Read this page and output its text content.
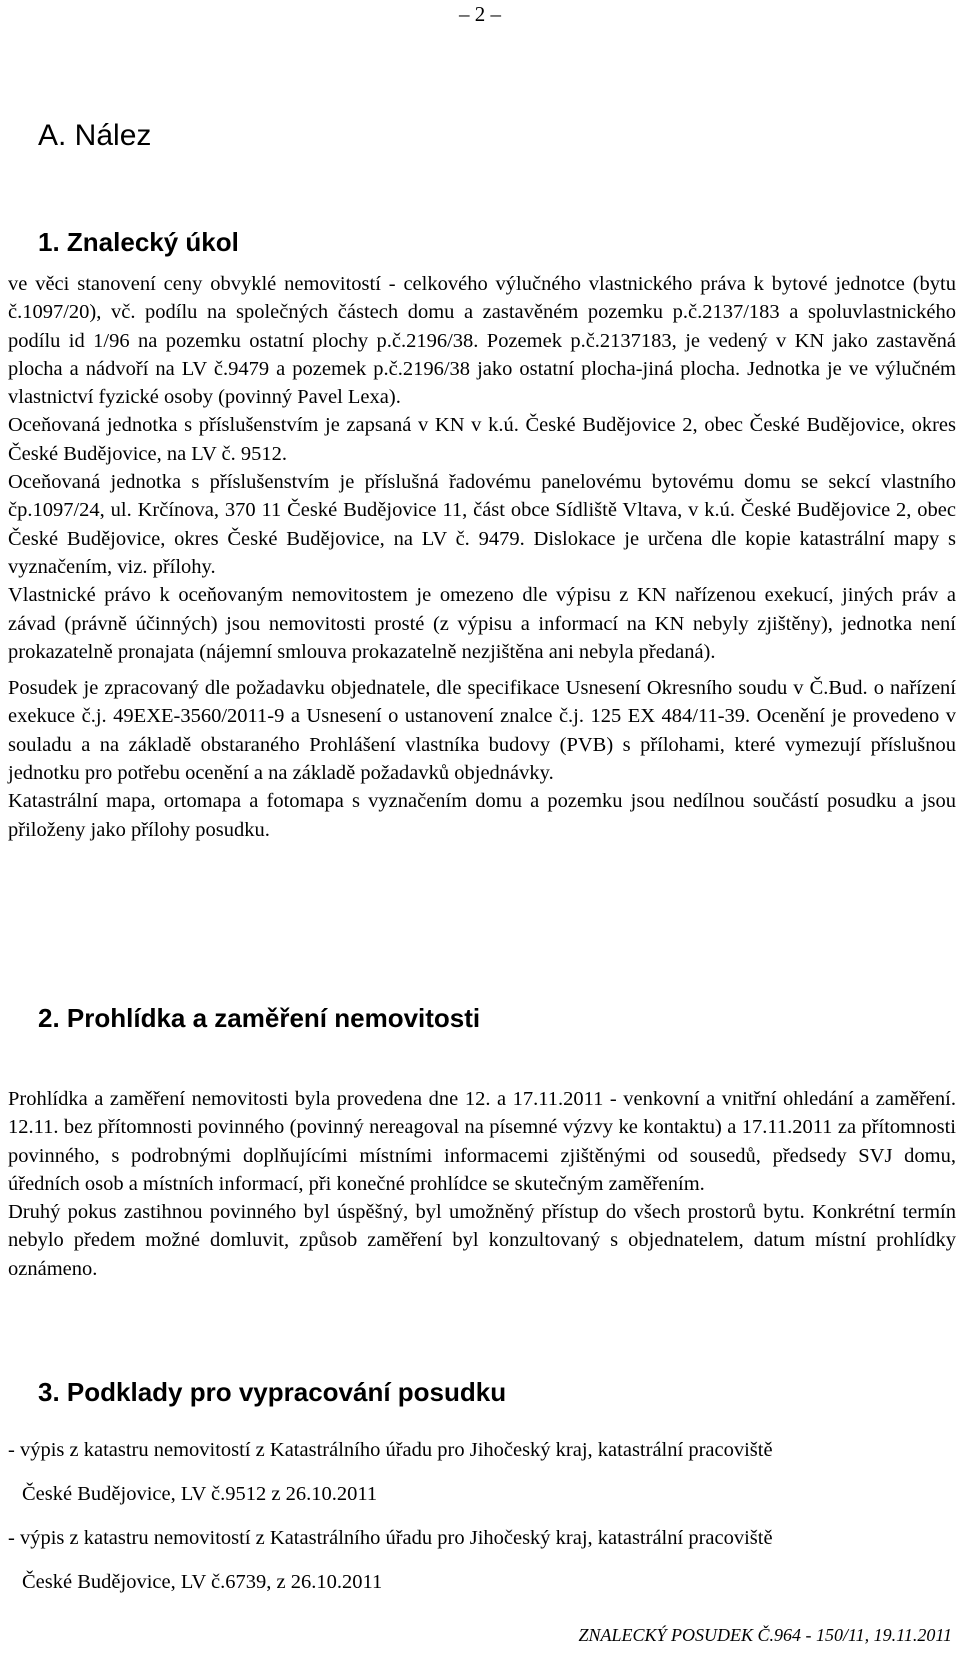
– 2 –
A. Nález
1. Znalecký úkol

ve věci stanovení ceny obvyklé nemovitostí - celkového výlučného vlastnického práva k bytové jednotce (bytu č.1097/20), vč. podílu na společných částech domu a zastavěném pozemku p.č.2137/183 a spoluvlastnického podílu id 1/96 na pozemku ostatní plochy p.č.2196/38. Pozemek p.č.2137183, je vedený v KN jako zastavěná plocha a nádvoří na LV č.9479 a pozemek p.č.2196/38 jako ostatní plocha-jiná plocha. Jednotka je ve výlučném vlastnictví fyzické osoby (povinný Pavel Lexa).

Oceňovaná jednotka s příslušenstvím je zapsaná v KN v k.ú. České Budějovice 2, obec České Budějovice, okres České Budějovice, na LV č. 9512.

Oceňovaná jednotka s příslušenstvím je příslušná řadovému panelovému bytovému domu se sekcí vlastního čp.1097/24, ul. Krčínova, 370 11 České Budějovice 11, část obce Sídliště Vltava, v k.ú. České Budějovice 2, obec České Budějovice, okres České Budějovice, na LV č. 9479. Dislokace je určena dle kopie katastrální mapy s vyznačením, viz. přílohy.

Vlastnické právo k oceňovaným nemovitostem je omezeno dle výpisu z KN nařízenou exekucí, jiných práv a závad (právně účinných) jsou nemovitosti prosté (z výpisu a informací na KN nebyly zjištěny), jednotka není prokazatelně pronajata (nájemní smlouva prokazatelně nezjištěna ani nebyla předaná).

Posudek je zpracovaný dle požadavku objednatele, dle specifikace Usnesení Okresního soudu v Č.Bud. o nařízení exekuce č.j. 49EXE-3560/2011-9 a Usnesení o ustanovení znalce č.j. 125 EX 484/11-39. Ocenění je provedeno v souladu a na základě obstaraného Prohlášení vlastníka budovy (PVB) s přílohami, které vymezují příslušnou jednotku pro potřebu ocenění a na základě požadavků objednávky.

Katastrální mapa, ortomapa a fotomapa s vyznačením domu a pozemku jsou nedílnou součástí posudku a jsou přiloženy jako přílohy posudku.

2. Prohlídka a zaměření nemovitosti

Prohlídka a zaměření nemovitosti byla provedena dne 12. a 17.11.2011 - venkovní a vnitřní ohledání a zaměření. 12.11. bez přítomnosti povinného (povinný nereagoval na písemné výzvy ke kontaktu) a 17.11.2011 za přítomnosti povinného, s podrobnými doplňujícími místními informacemi zjištěnými od sousedů, předsedy SVJ domu, úředních osob a místních informací, při konečné prohlídce se skutečným zaměřením.

Druhý pokus zastihnou povinného byl úspěšný, byl umožněný přístup do všech prostorů bytu. Konkrétní termín nebylo předem možné domluvit, způsob zaměření byl konzultovaný s objednatelem, datum místní prohlídky oznámeno.

3. Podklady pro vypracování posudku
- výpis z katastru nemovitostí z Katastrálního úřadu pro Jihočeský kraj, katastrální pracoviště
České Budějovice, LV č.9512 z 26.10.2011
- výpis z katastru nemovitostí z Katastrálního úřadu pro Jihočeský kraj, katastrální pracoviště
České Budějovice, LV č.6739, z 26.10.2011
ZNALECKÝ POSUDEK Č.964 - 150/11, 19.11.2011
